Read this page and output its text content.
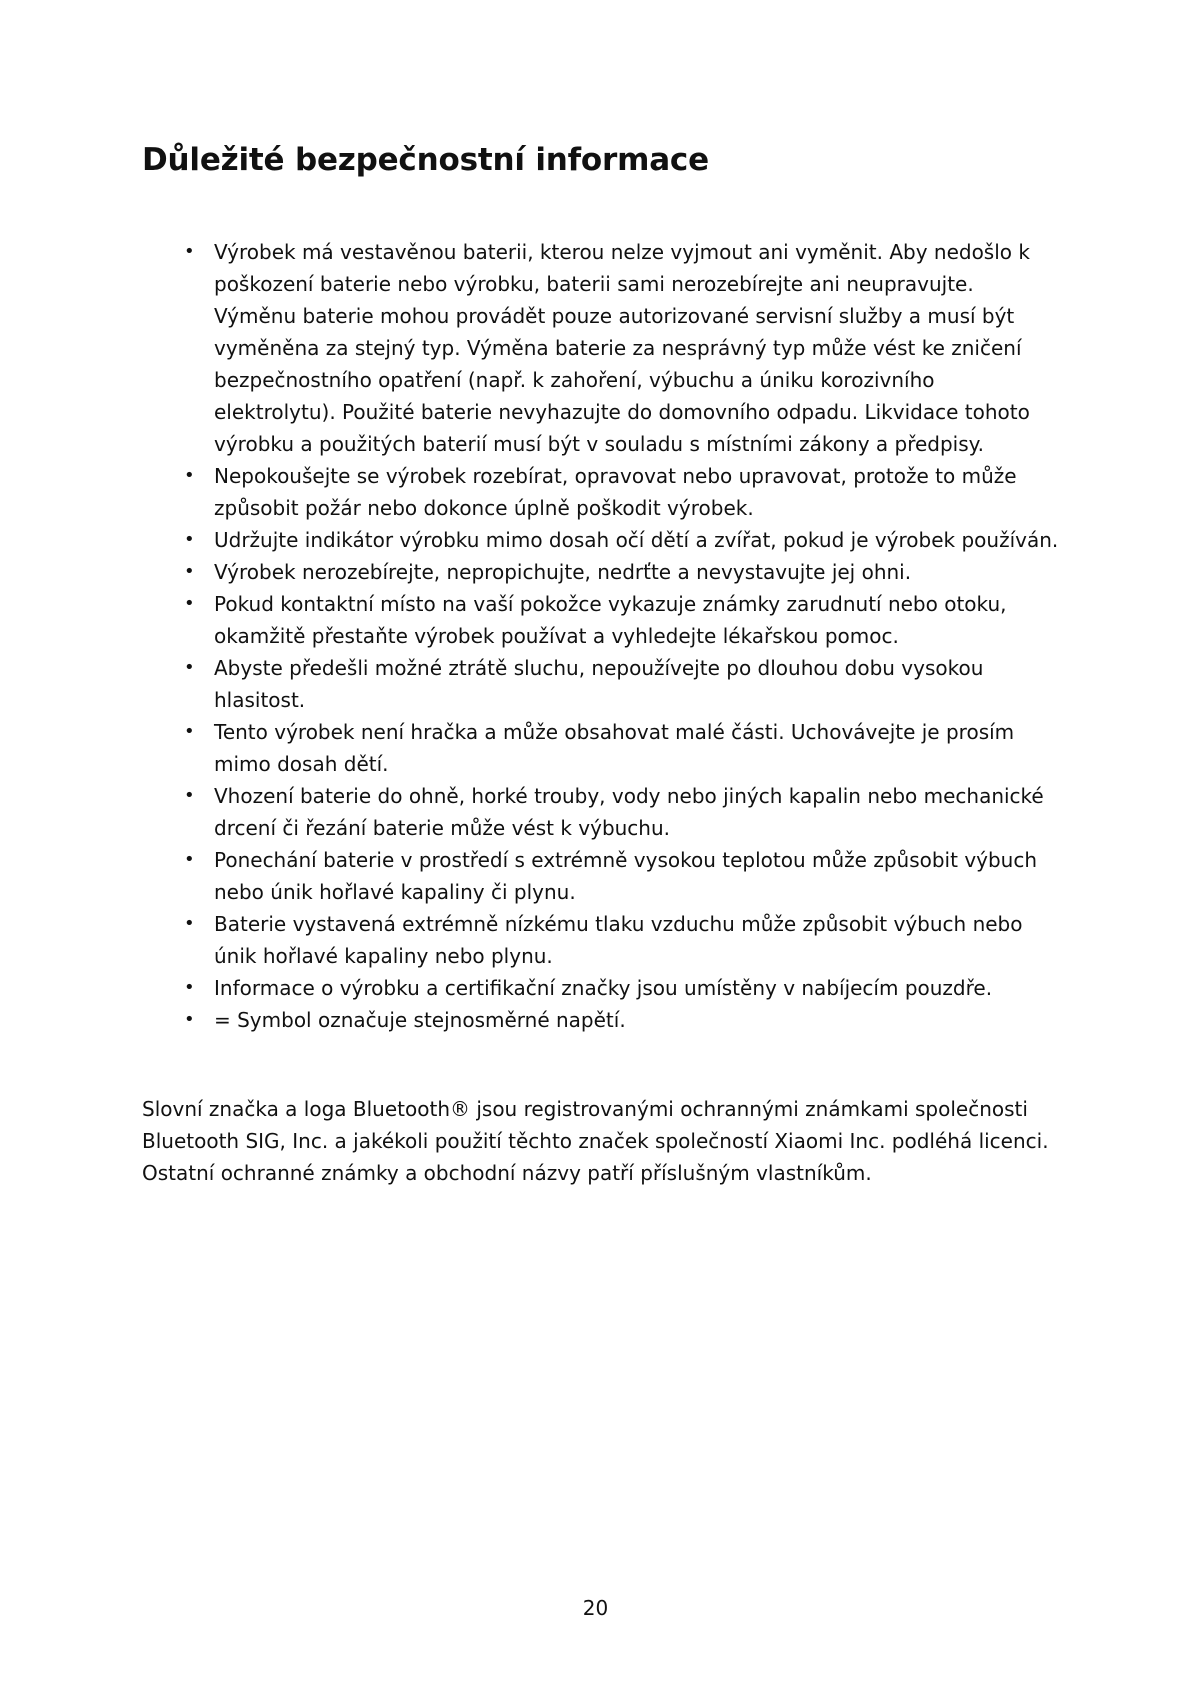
Důležité bezpečnostní informace
• Výrobek má vestavěnou baterii, kterou nelze vyjmout ani vyměnit. Aby nedošlo k poškození baterie nebo výrobku, baterii sami nerozebírejte ani neupravujte. Výměnu baterie mohou provádět pouze autorizované servisní služby a musí být vyměněna za stejný typ. Výměna baterie za nesprávný typ může vést ke zničení bezpečnostního opatření (např. k zahoření, výbuchu a úniku korozivního elektrolytu). Použité baterie nevyhazujte do domovního odpadu. Likvidace tohoto výrobku a použitých baterií musí být v souladu s místními zákony a předpisy.
• Nepokoušejte se výrobek rozebírat, opravovat nebo upravovat, protože to může způsobit požár nebo dokonce úplně poškodit výrobek.
• Udržujte indikátor výrobku mimo dosah očí dětí a zvířat, pokud je výrobek používán.
• Výrobek nerozebírejte, nepropichujte, nedrťte a nevystavujte jej ohni.
• Pokud kontaktní místo na vaší pokožce vykazuje známky zarudnutí nebo otoku, okamžitě přestaňte výrobek používat a vyhledejte lékařskou pomoc.
• Abyste předešli možné ztrátě sluchu, nepoužívejte po dlouhou dobu vysokou hlasitost.
• Tento výrobek není hračka a může obsahovat malé části. Uchovávejte je prosím mimo dosah dětí.
• Vhození baterie do ohně, horké trouby, vody nebo jiných kapalin nebo mechanické drcení či řezání baterie může vést k výbuchu.
• Ponechání baterie v prostředí s extrémně vysokou teplotou může způsobit výbuch nebo únik hořlavé kapaliny či plynu.
• Baterie vystavená extrémně nízkému tlaku vzduchu může způsobit výbuch nebo únik hořlavé kapaliny nebo plynu.
• Informace o výrobku a certifikační značky jsou umístěny v nabíjecím pouzdře.
• = Symbol označuje stejnosměrné napětí.

Slovní značka a loga Bluetooth® jsou registrovanými ochrannými známkami společnosti Bluetooth SIG, Inc. a jakékoli použití těchto značek společností Xiaomi Inc. podléhá licenci. Ostatní ochranné známky a obchodní názvy patří příslušným vlastníkům.

20
